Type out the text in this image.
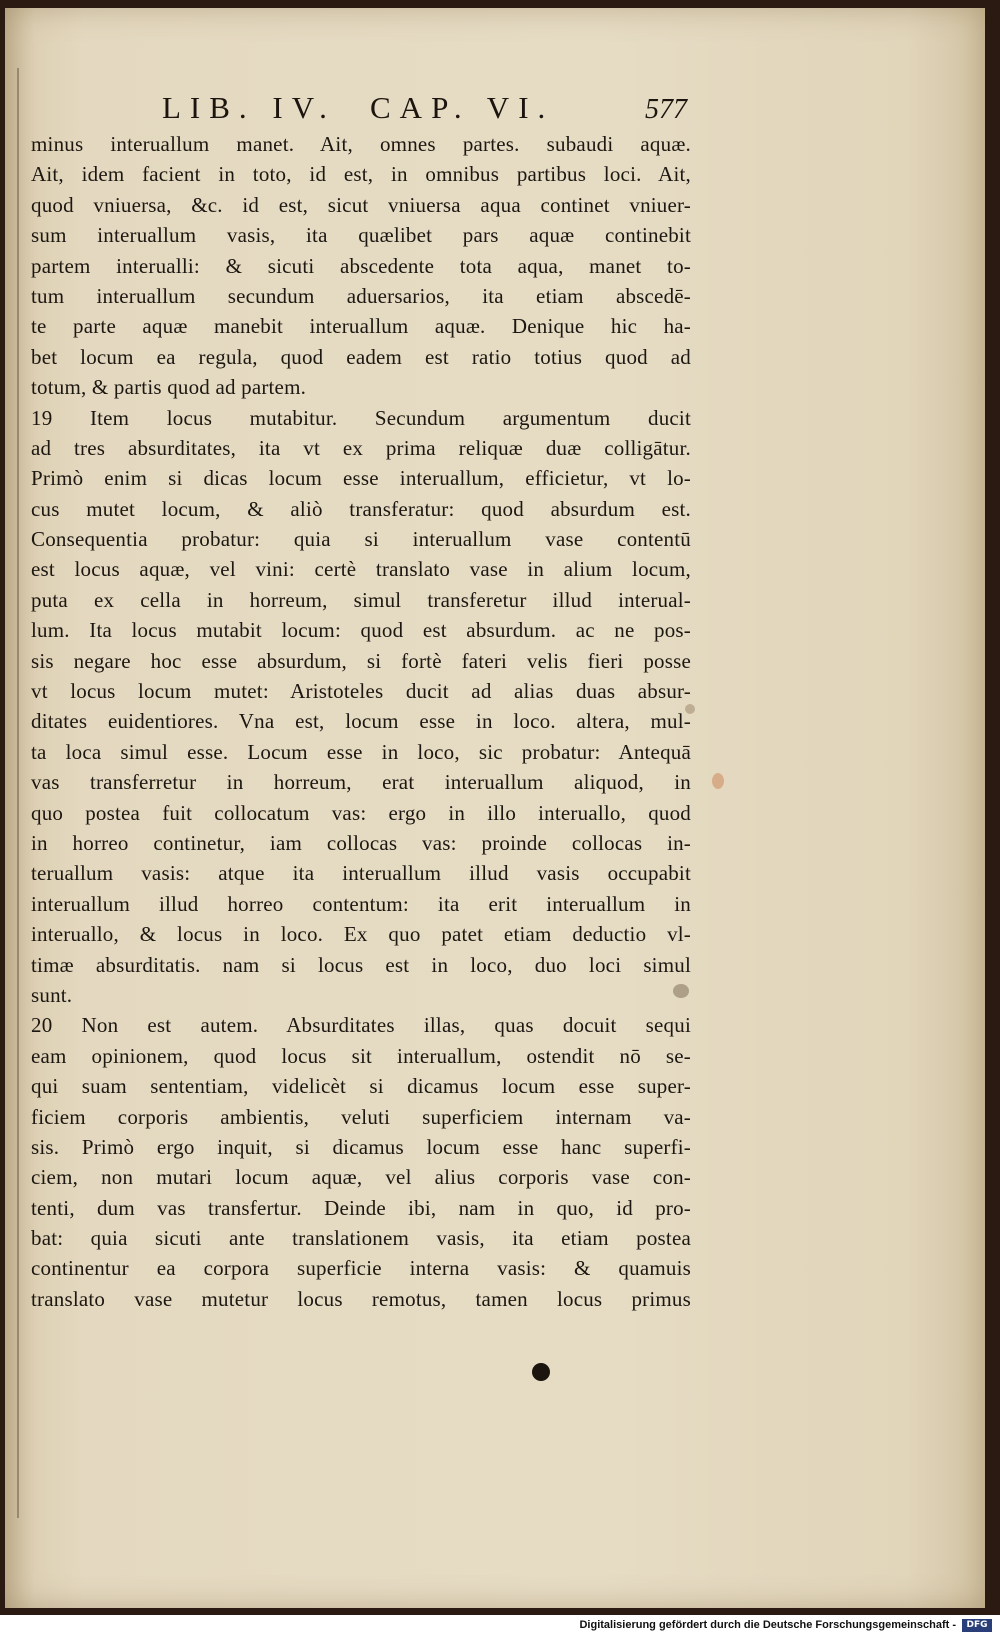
LIB. IV. CAP. VI.	577
minus interuallum manet. Ait, omnes partes. subaudi aquæ.
Ait, idem facient in toto, id est, in omnibus partibus loci. Ait,
quod vniuersa, &c. id est, sicut vniuersa aqua continet vniuer-
sum interuallum vasis, ita quælibet pars aquæ continebit
partem interualli: & sicuti abscedente tota aqua, manet to-
tum interuallum secundum aduersarios, ita etiam abscedē-
te parte aquæ manebit interuallum aquæ. Denique hic ha-
bet locum ea regula, quod eadem est ratio totius quod ad
totum, & partis quod ad partem.
19 Item locus mutabitur. Secundum argumentum ducit
ad tres absurditates, ita vt ex prima reliquæ duæ colligātur.
Primò enim si dicas locum esse interuallum, efficietur, vt lo-
cus mutet locum, & aliò transferatur: quod absurdum est.
Consequentia probatur: quia si interuallum vase contentū
est locus aquæ, vel vini: certè translato vase in alium locum,
puta ex cella in horreum, simul transferetur illud interual-
lum. Ita locus mutabit locum: quod est absurdum. ac ne pos-
sis negare hoc esse absurdum, si fortè fateri velis fieri posse
vt locus locum mutet: Aristoteles ducit ad alias duas absur-
ditates euidentiores. Vna est, locum esse in loco. altera, mul-
ta loca simul esse. Locum esse in loco, sic probatur: Antequā
vas transferretur in horreum, erat interuallum aliquod, in
quo postea fuit collocatum vas: ergo in illo interuallo, quod
in horreo continetur, iam collocas vas: proinde collocas in-
teruallum vasis: atque ita interuallum illud vasis occupabit
interuallum illud horreo contentum: ita erit interuallum in
interuallo, & locus in loco. Ex quo patet etiam deductio vl-
timæ absurditatis. nam si locus est in loco, duo loci simul
sunt.
20 Non est autem. Absurditates illas, quas docuit sequi
eam opinionem, quod locus sit interuallum, ostendit nō se-
qui suam sententiam, videlicèt si dicamus locum esse super-
ficiem corporis ambientis, veluti superficiem internam va-
sis. Primò ergo inquit, si dicamus locum esse hanc superfi-
ciem, non mutari locum aquæ, vel alius corporis vase con-
tenti, dum vas transfertur. Deinde ibi, nam in quo, id pro-
bat: quia sicuti ante translationem vasis, ita etiam postea
continentur ea corpora superficie interna vasis: & quamuis
translato vase mutetur locus remotus, tamen locus primus
Digitalisierung gefördert durch die Deutsche Forschungsgemeinschaft -	DFG
